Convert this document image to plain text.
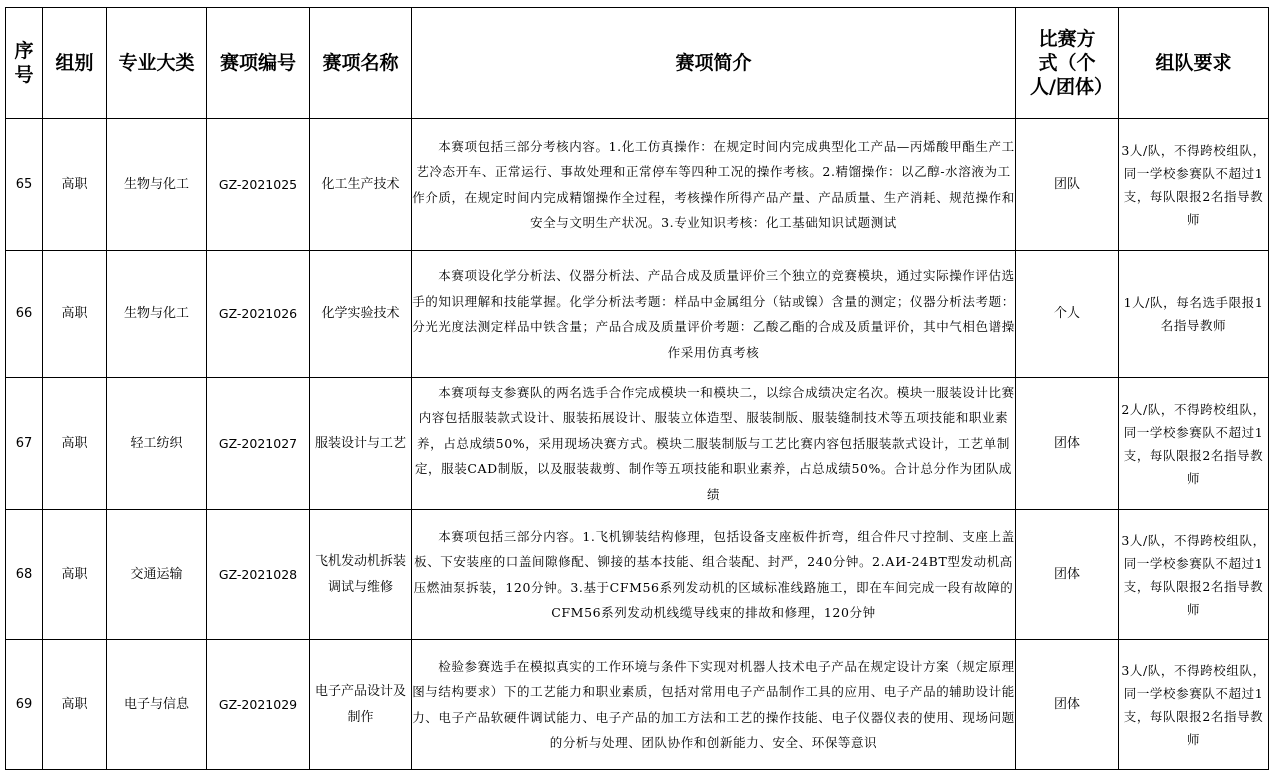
序号	组别	专业大类	赛项编号	赛项名称	赛项简介	比赛方式（个人/团体）	组队要求
65	高职	生物与化工	GZ-2021025	化工生产技术	本赛项包括三部分考核内容。1.化工仿真操作：在规定时间内完成典型化工产品—丙烯酸甲酯生产工艺冷态开车、正常运行、事故处理和正常停车等四种工况的操作考核。2.精馏操作：以乙醇-水溶液为工作介质，在规定时间内完成精馏操作全过程，考核操作所得产品产量、产品质量、生产消耗、规范操作和安全与文明生产状况。3.专业知识考核：化工基础知识试题测试	团队	3人/队，不得跨校组队，同一学校参赛队不超过1支，每队限报2名指导教师
66	高职	生物与化工	GZ-2021026	化学实验技术	本赛项设化学分析法、仪器分析法、产品合成及质量评价三个独立的竞赛模块，通过实际操作评估选手的知识理解和技能掌握。化学分析法考题：样品中金属组分（钴或镍）含量的测定；仪器分析法考题：分光光度法测定样品中铁含量；产品合成及质量评价考题：乙酸乙酯的合成及质量评价，其中气相色谱操作采用仿真考核	个人	1人/队，每名选手限报1名指导教师
67	高职	轻工纺织	GZ-2021027	服装设计与工艺	本赛项每支参赛队的两名选手合作完成模块一和模块二，以综合成绩决定名次。模块一服装设计比赛内容包括服装款式设计、服装拓展设计、服装立体造型、服装制版、服装缝制技术等五项技能和职业素养，占总成绩50%，采用现场决赛方式。模块二服装制版与工艺比赛内容包括服装款式设计，工艺单制定，服装CAD制版，以及服装裁剪、制作等五项技能和职业素养，占总成绩50%。合计总分作为团队成绩	团体	2人/队，不得跨校组队，同一学校参赛队不超过1支，每队限报2名指导教师
68	高职	交通运输	GZ-2021028	飞机发动机拆装调试与维修	本赛项包括三部分内容。1.飞机铆装结构修理，包括设备支座板件折弯，组合件尺寸控制、支座上盖板、下安装座的口盖间隙修配、铆接的基本技能、组合装配、封严，240分钟。2.АИ-24BT型发动机高压燃油泵拆装，120分钟。3.基于CFM56系列发动机的区域标准线路施工，即在车间完成一段有故障的CFM56系列发动机线缆导线束的排故和修理，120分钟	团体	3人/队，不得跨校组队，同一学校参赛队不超过1支，每队限报2名指导教师
69	高职	电子与信息	GZ-2021029	电子产品设计及制作	检验参赛选手在模拟真实的工作环境与条件下实现对机器人技术电子产品在规定设计方案（规定原理图与结构要求）下的工艺能力和职业素质，包括对常用电子产品制作工具的应用、电子产品的辅助设计能力、电子产品软硬件调试能力、电子产品的加工方法和工艺的操作技能、电子仪器仪表的使用、现场问题的分析与处理、团队协作和创新能力、安全、环保等意识	团体	3人/队，不得跨校组队，同一学校参赛队不超过1支，每队限报2名指导教师
